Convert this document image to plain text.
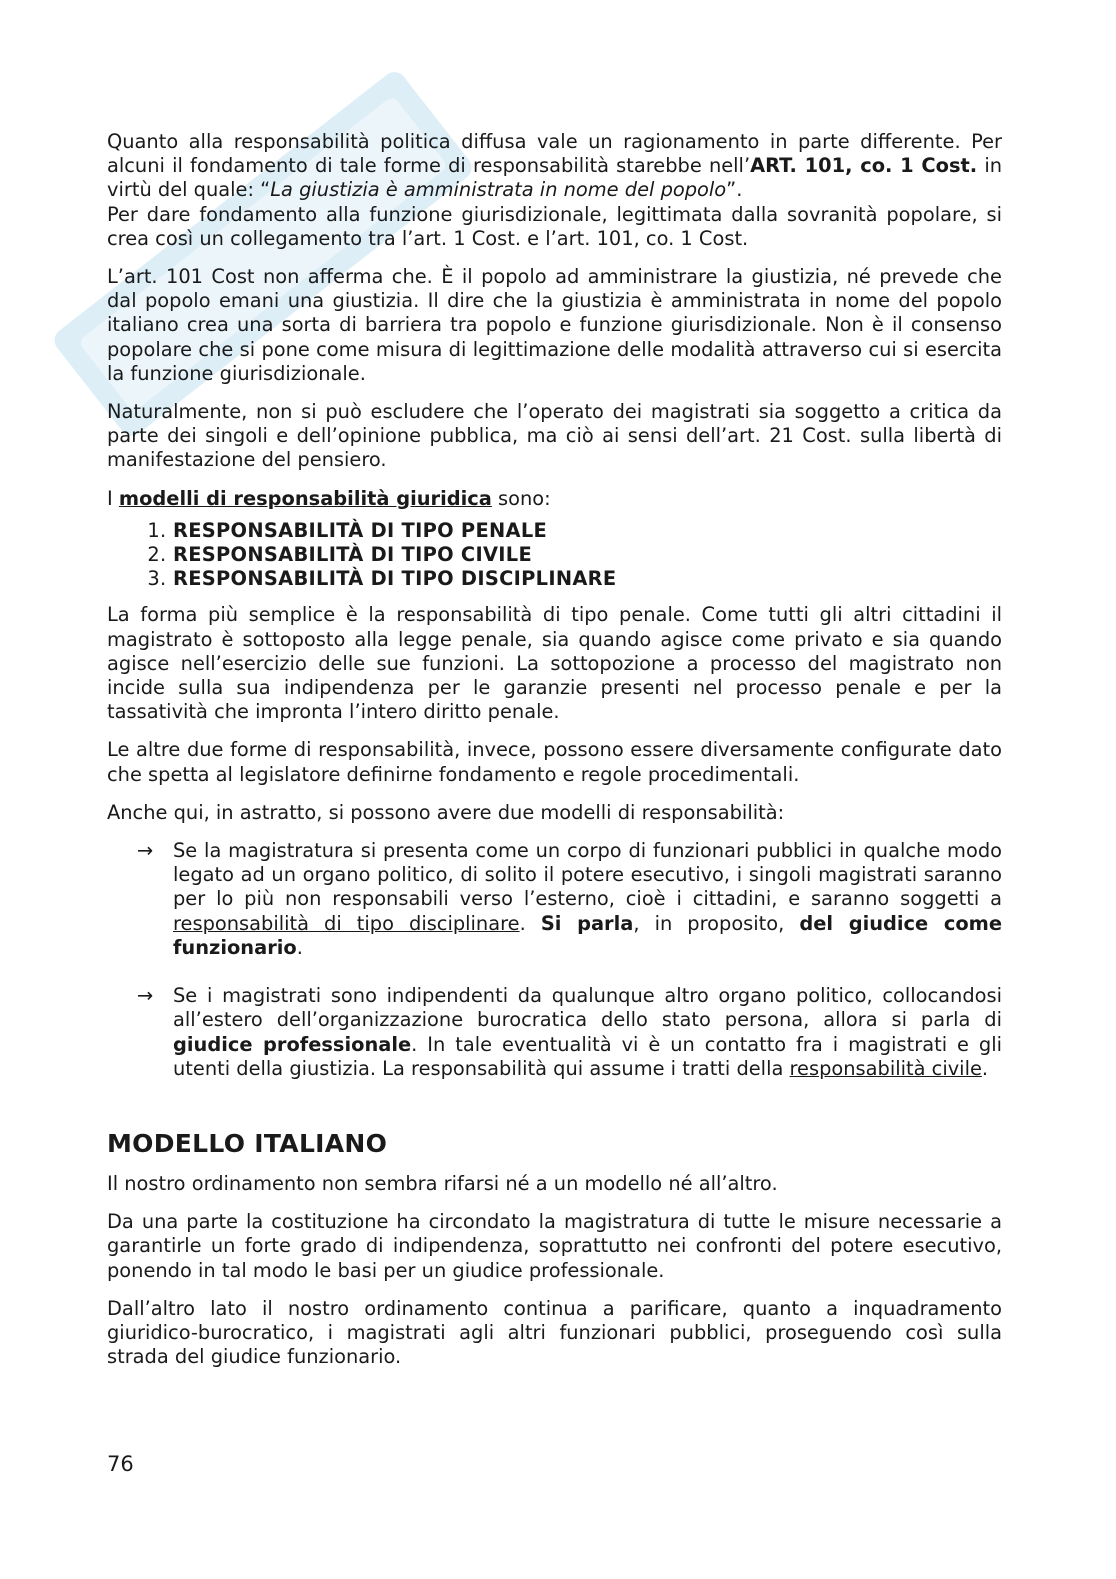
Quanto alla responsabilità politica diffusa vale un ragionamento in parte differente. Per alcuni il fondamento di tale forme di responsabilità starebbe nell’ART. 101, co. 1 Cost. in virtù del quale: “La giustizia è amministrata in nome del popolo”.

Per dare fondamento alla funzione giurisdizionale, legittimata dalla sovranità popolare, si crea così un collegamento tra l’art. 1 Cost. e l’art. 101, co. 1 Cost.

L’art. 101 Cost non afferma che. È il popolo ad amministrare la giustizia, né prevede che dal popolo emani una giustizia. Il dire che la giustizia è amministrata in nome del popolo italiano crea una sorta di barriera tra popolo e funzione giurisdizionale. Non è il consenso popolare che si pone come misura di legittimazione delle modalità attraverso cui si esercita la funzione giurisdizionale.

Naturalmente, non si può escludere che l’operato dei magistrati sia soggetto a critica da parte dei singoli e dell’opinione pubblica, ma ciò ai sensi dell’art. 21 Cost. sulla libertà di manifestazione del pensiero.

I modelli di responsabilità giuridica sono:

1. RESPONSABILITÀ DI TIPO PENALE
2. RESPONSABILITÀ DI TIPO CIVILE
3. RESPONSABILITÀ DI TIPO DISCIPLINARE

La forma più semplice è la responsabilità di tipo penale. Come tutti gli altri cittadini il magistrato è sottoposto alla legge penale, sia quando agisce come privato e sia quando agisce nell’esercizio delle sue funzioni. La sottopozione a processo del magistrato non incide sulla sua indipendenza per le garanzie presenti nel processo penale e per la tassatività che impronta l’intero diritto penale.

Le altre due forme di responsabilità, invece, possono essere diversamente configurate dato che spetta al legislatore definirne fondamento e regole procedimentali.

Anche qui, in astratto, si possono avere due modelli di responsabilità:

→ Se la magistratura si presenta come un corpo di funzionari pubblici in qualche modo legato ad un organo politico, di solito il potere esecutivo, i singoli magistrati saranno per lo più non responsabili verso l’esterno, cioè i cittadini, e saranno soggetti a responsabilità di tipo disciplinare. Si parla, in proposito, del giudice come funzionario.
→ Se i magistrati sono indipendenti da qualunque altro organo politico, collocandosi all’estero dell’organizzazione burocratica dello stato persona, allora si parla di giudice professionale. In tale eventualità vi è un contatto fra i magistrati e gli utenti della giustizia. La responsabilità qui assume i tratti della responsabilità civile.
MODELLO ITALIANO

Il nostro ordinamento non sembra rifarsi né a un modello né all’altro.

Da una parte la costituzione ha circondato la magistratura di tutte le misure necessarie a garantirle un forte grado di indipendenza, soprattutto nei confronti del potere esecutivo, ponendo in tal modo le basi per un giudice professionale.

Dall’altro lato il nostro ordinamento continua a parificare, quanto a inquadramento giuridico-burocratico, i magistrati agli altri funzionari pubblici, proseguendo così sulla strada del giudice funzionario.

76
